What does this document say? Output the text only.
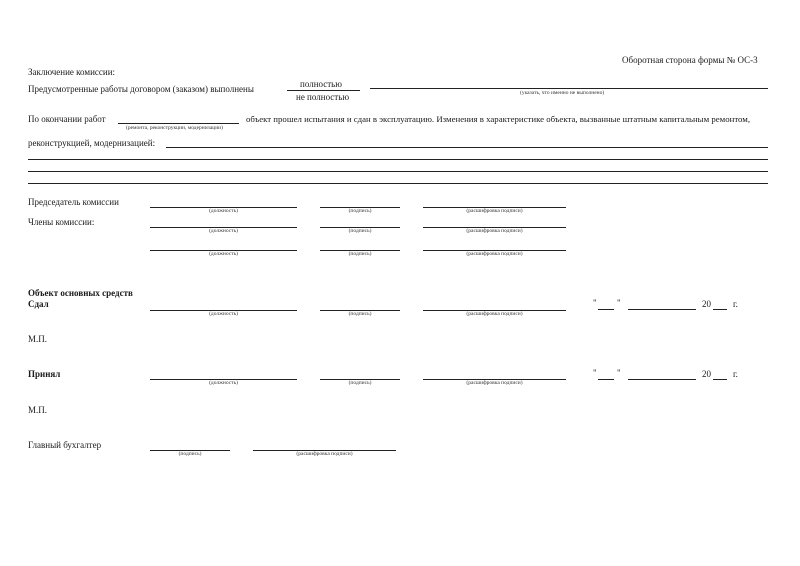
Оборотная сторона формы № ОС-3
Заключение комиссии:
Предусмотренные работы договором (заказом) выполнены	полностью
не полностью	(указать, что именно не выполнено)
По окончании работ
(ремонта, реконструкции, модернизации)
объект прошел испытания и сдан в эксплуатацию. Изменения в характеристике объекта, вызванные штатным капитальным ремонтом,
реконструкцией, модернизацией:
Председатель комиссии
(должность)	(подпись)	(расшифровка подписи)
Члены комиссии:
(должность)	(подпись)	(расшифровка подписи)
(должность)	(подпись)	(расшифровка подписи)
Объект основных средств
Сдал
(должность)	(подпись)	(расшифровка подписи)
" "	20 г.
М.П.
Принял
(должность)	(подпись)	(расшифровка подписи)
" "	20 г.
М.П.
Главный бухгалтер
(подпись)	(расшифровка подписи)
